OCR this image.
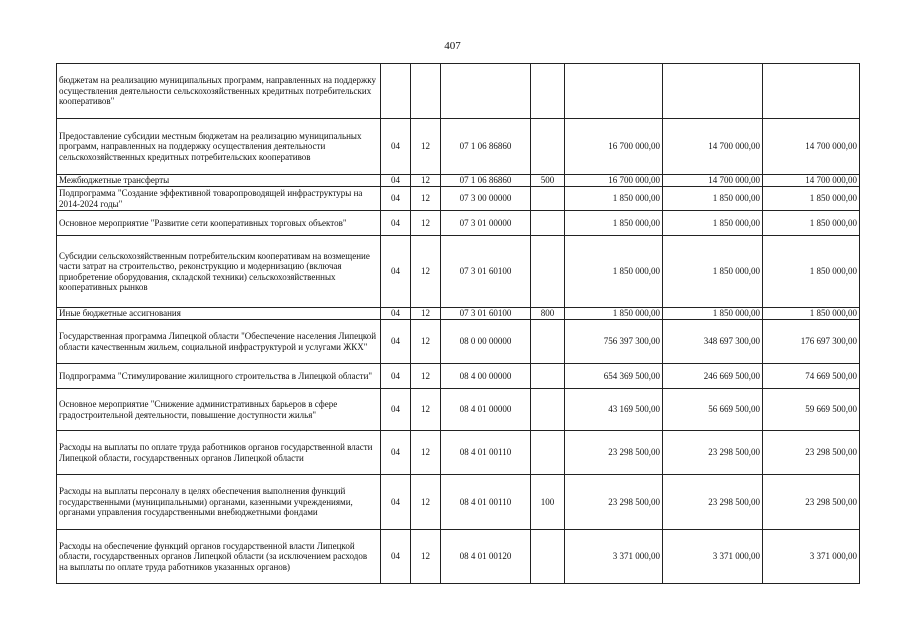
407
бюджетам на реализацию муниципальных программ, направленных на поддержку осуществления деятельности сельскохозяйственных кредитных потребительских кооперативов"							
Предоставление субсидии местным бюджетам на реализацию муниципальных программ, направленных на поддержку осуществления деятельности сельскохозяйственных кредитных потребительских кооперативов	04	12	07 1 06 86860		16 700 000,00	14 700 000,00	14 700 000,00
Межбюджетные трансферты	04	12	07 1 06 86860	500	16 700 000,00	14 700 000,00	14 700 000,00
Подпрограмма "Создание эффективной товаропроводящей инфраструктуры на 2014-2024 годы"	04	12	07 3 00 00000		1 850 000,00	1 850 000,00	1 850 000,00
Основное мероприятие "Развитие сети кооперативных торговых объектов"	04	12	07 3 01 00000		1 850 000,00	1 850 000,00	1 850 000,00
Субсидии сельскохозяйственным потребительским кооперативам на возмещение части затрат на строительство, реконструкцию и модернизацию (включая приобретение оборудования, складской техники) сельскохозяйственных кооперативных рынков	04	12	07 3 01 60100		1 850 000,00	1 850 000,00	1 850 000,00
Иные бюджетные ассигнования	04	12	07 3 01 60100	800	1 850 000,00	1 850 000,00	1 850 000,00
Государственная программа Липецкой области "Обеспечение населения Липецкой области качественным жильем, социальной инфраструктурой и услугами ЖКХ"	04	12	08 0 00 00000		756 397 300,00	348 697 300,00	176 697 300,00
Подпрограмма "Стимулирование жилищного строительства в Липецкой области"	04	12	08 4 00 00000		654 369 500,00	246 669 500,00	74 669 500,00
Основное мероприятие "Снижение административных барьеров в сфере градостроительной деятельности, повышение доступности жилья"	04	12	08 4 01 00000		43 169 500,00	56 669 500,00	59 669 500,00
Расходы на выплаты по оплате труда работников органов государственной власти Липецкой области, государственных органов Липецкой области	04	12	08 4 01 00110		23 298 500,00	23 298 500,00	23 298 500,00
Расходы на выплаты персоналу в целях обеспечения выполнения функций государственными (муниципальными) органами, казенными учреждениями, органами управления государственными внебюджетными фондами	04	12	08 4 01 00110	100	23 298 500,00	23 298 500,00	23 298 500,00
Расходы на обеспечение функций органов государственной власти Липецкой области, государственных органов Липецкой области (за исключением расходов на выплаты по оплате труда работников указанных органов)	04	12	08 4 01 00120		3 371 000,00	3 371 000,00	3 371 000,00
